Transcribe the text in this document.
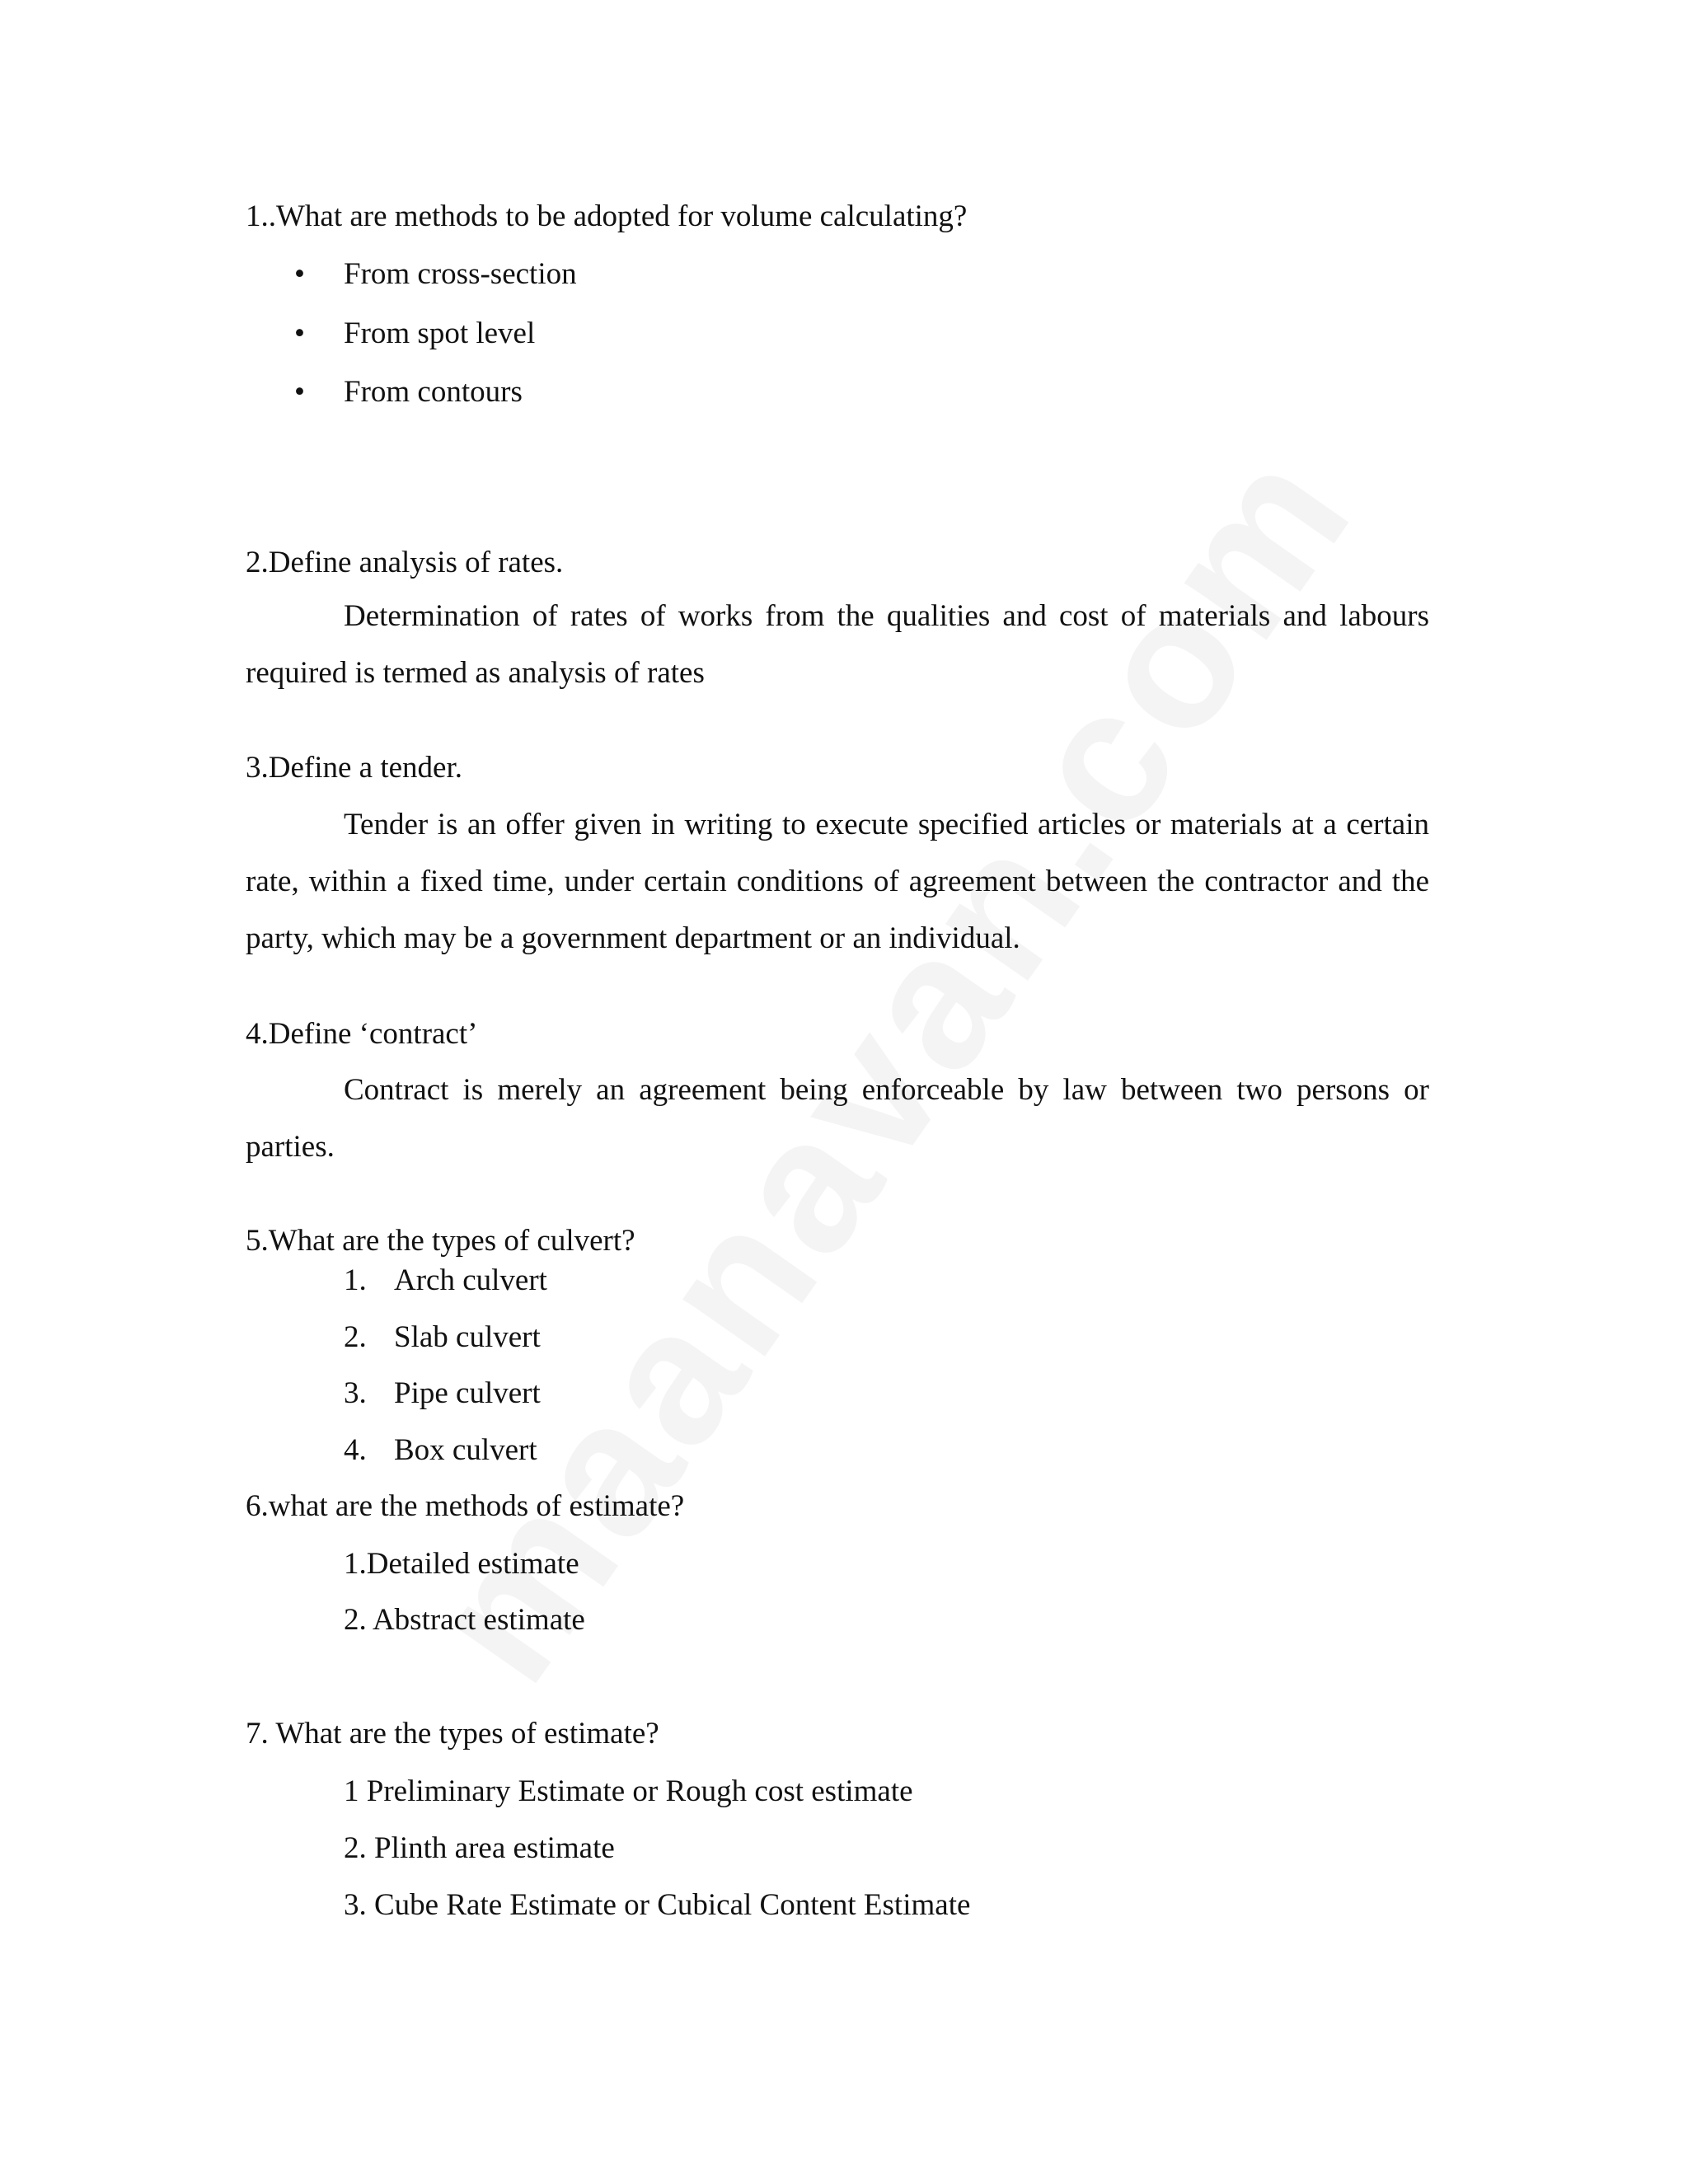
1..What are methods to be adopted for volume calculating?
• From cross-section
• From spot level
• From contours
2.Define analysis of rates.
Determination of rates of works from the qualities and cost of materials and labours required is termed as analysis of rates
3.Define a tender.
Tender is an offer given in writing to execute specified articles or materials at a certain rate, within a fixed time, under certain conditions of agreement between the contractor and the party, which may be a government department or an individual.
4.Define ‘contract’
Contract is merely an agreement being enforceable by law between two persons or parties.
5.What are the types of culvert?
1. Arch culvert
2. Slab culvert
3. Pipe culvert
4. Box culvert
6.what are the methods of estimate?
1.Detailed estimate
2. Abstract estimate
7. What are the types of estimate?
1 Preliminary Estimate or Rough cost estimate
2. Plinth area estimate
3. Cube Rate Estimate or Cubical Content Estimate
